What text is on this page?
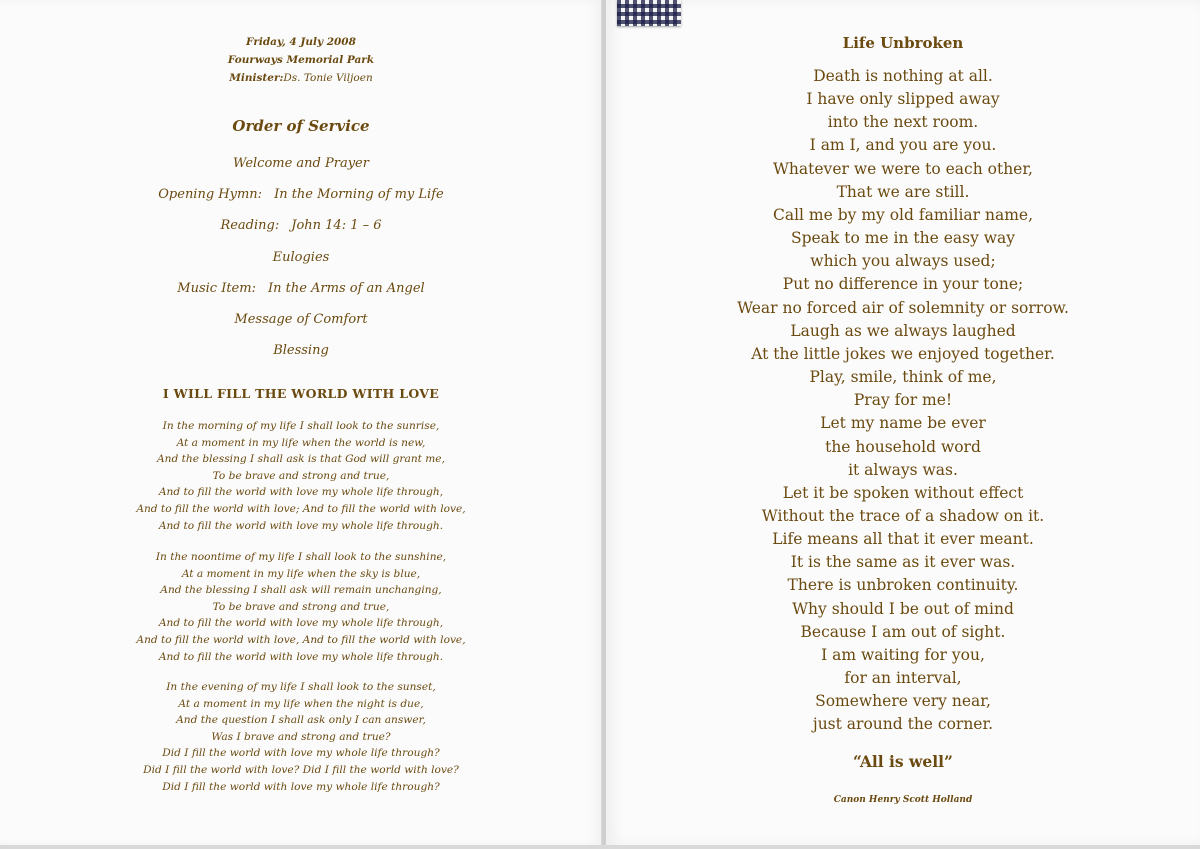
Friday, 4 July 2008
Fourways Memorial Park
Minister:Ds. Tonie Viljoen
Order of Service
Welcome and Prayer
Opening Hymn: In the Morning of my Life
Reading: John 14: 1 – 6
Eulogies
Music Item: In the Arms of an Angel
Message of Comfort
Blessing
I WILL FILL THE WORLD WITH LOVE
In the morning of my life I shall look to the sunrise,
At a moment in my life when the world is new,
And the blessing I shall ask is that God will grant me,
To be brave and strong and true,
And to fill the world with love my whole life through,
And to fill the world with love; And to fill the world with love,
And to fill the world with love my whole life through.
In the noontime of my life I shall look to the sunshine,
At a moment in my life when the sky is blue,
And the blessing I shall ask will remain unchanging,
To be brave and strong and true,
And to fill the world with love my whole life through,
And to fill the world with love, And to fill the world with love,
And to fill the world with love my whole life through.
In the evening of my life I shall look to the sunset,
At a moment in my life when the night is due,
And the question I shall ask only I can answer,
Was I brave and strong and true?
Did I fill the world with love my whole life through?
Did I fill the world with love? Did I fill the world with love?
Did I fill the world with love my whole life through?
Life Unbroken
Death is nothing at all.
I have only slipped away
into the next room.
I am I, and you are you.
Whatever we were to each other,
That we are still.
Call me by my old familiar name,
Speak to me in the easy way
which you always used;
Put no difference in your tone;
Wear no forced air of solemnity or sorrow.
Laugh as we always laughed
At the little jokes we enjoyed together.
Play, smile, think of me,
Pray for me!
Let my name be ever
the household word
it always was.
Let it be spoken without effect
Without the trace of a shadow on it.
Life means all that it ever meant.
It is the same as it ever was.
There is unbroken continuity.
Why should I be out of mind
Because I am out of sight.
I am waiting for you,
for an interval,
Somewhere very near,
just around the corner.
“All is well”
Canon Henry Scott Holland
